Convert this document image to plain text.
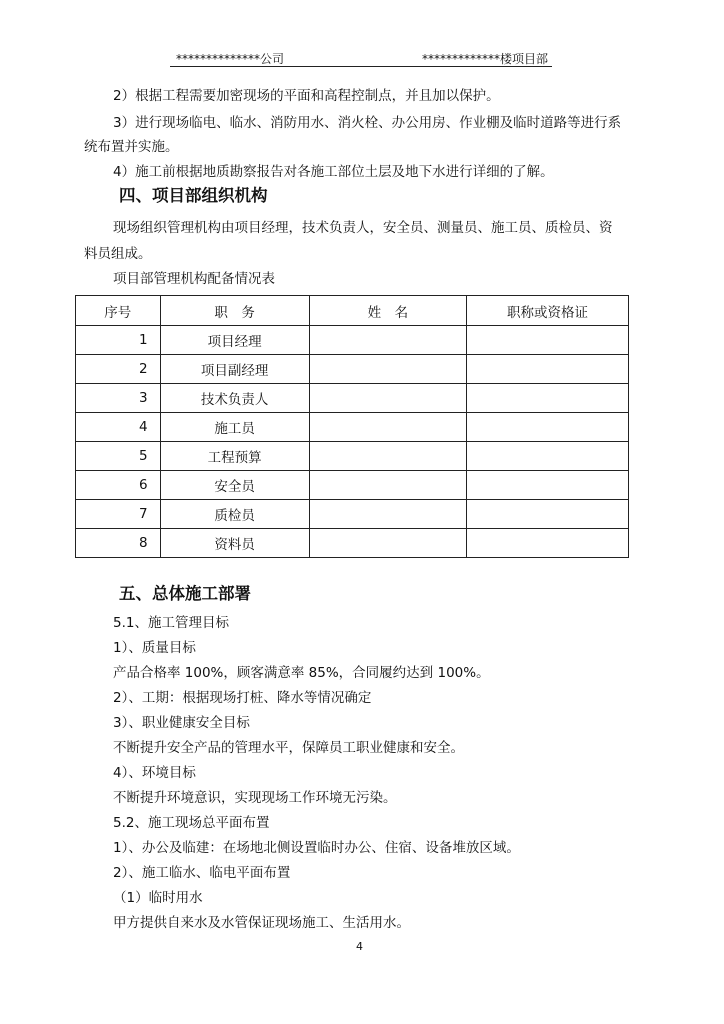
**************公司	*************楼项目部
2）根据工程需要加密现场的平面和高程控制点，并且加以保护。
3）进行现场临电、临水、消防用水、消火栓、办公用房、作业棚及临时道路等进行系
统布置并实施。
4）施工前根据地质勘察报告对各施工部位土层及地下水进行详细的了解。
四、项目部组织机构
现场组织管理机构由项目经理，技术负责人，安全员、测量员、施工员、质检员、资
料员组成。
项目部管理机构配备情况表
序号	职　务	姓　名	职称或资格证
1	项目经理		
2	项目副经理		
3	技术负责人		
4	施工员		
5	工程预算		
6	安全员		
7	质检员		
8	资料员		
五、总体施工部署
5.1、施工管理目标
1）、质量目标
产品合格率 100%，顾客满意率 85%，合同履约达到 100%。
2）、工期：根据现场打桩、降水等情况确定
3）、职业健康安全目标
不断提升安全产品的管理水平，保障员工职业健康和安全。
4）、环境目标
不断提升环境意识，实现现场工作环境无污染。
5.2、施工现场总平面布置
1）、办公及临建：在场地北侧设置临时办公、住宿、设备堆放区域。
2）、施工临水、临电平面布置
（1）临时用水
甲方提供自来水及水管保证现场施工、生活用水。
4
